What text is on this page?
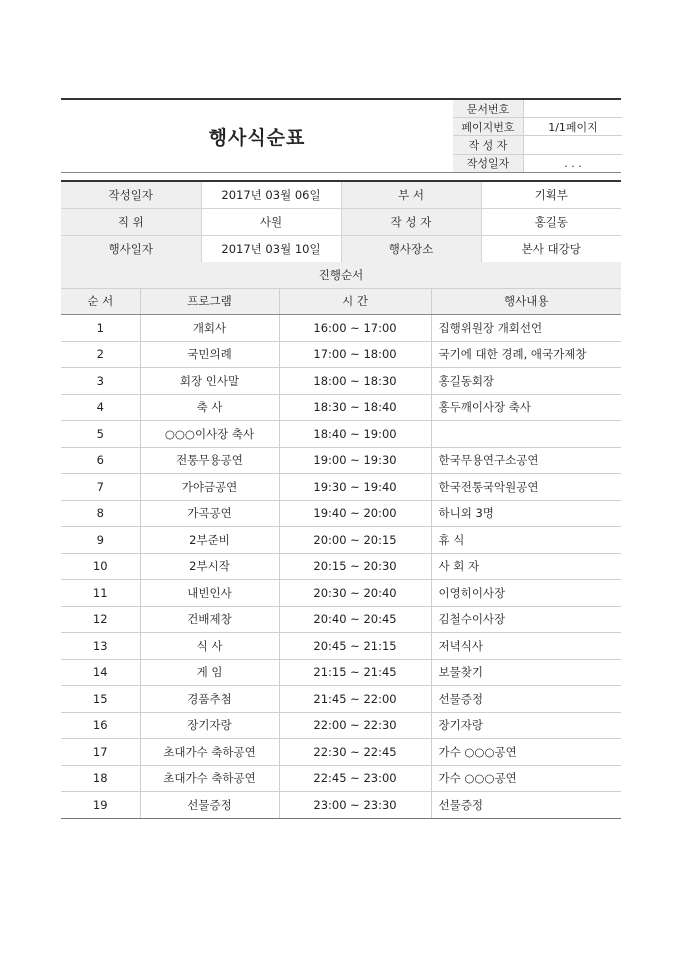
행사식순표
문서번호	
페이지번호	1/1페이지
작 성 자	
작성일자	. . .
작성일자	2017년 03월 06일	부 서	기획부
직 위	사원	작 성 자	홍길동
행사일자	2017년 03월 10일	행사장소	본사 대강당
진행순서			
순 서	프로그램	시 간	행사내용
1	개회사	16:00 ~ 17:00	집행위원장 개회선언
2	국민의례	17:00 ~ 18:00	국기에 대한 경례, 애국가제창
3	회장 인사말	18:00 ~ 18:30	홍길동회장
4	축 사	18:30 ~ 18:40	홍두깨이사장 축사
5	○○○이사장 축사	18:40 ~ 19:00	
6	전통무용공연	19:00 ~ 19:30	한국무용연구소공연
7	가야금공연	19:30 ~ 19:40	한국전통국악원공연
8	가곡공연	19:40 ~ 20:00	하니외 3명
9	2부준비	20:00 ~ 20:15	휴 식
10	2부시작	20:15 ~ 20:30	사 회 자
11	내빈인사	20:30 ~ 20:40	이영히이사장
12	건배제창	20:40 ~ 20:45	김철수이사장
13	식 사	20:45 ~ 21:15	저녁식사
14	게 임	21:15 ~ 21:45	보물찾기
15	경품추첨	21:45 ~ 22:00	선물증정
16	장기자랑	22:00 ~ 22:30	장기자랑
17	초대가수 축하공연	22:30 ~ 22:45	가수 ○○○공연
18	초대가수 축하공연	22:45 ~ 23:00	가수 ○○○공연
19	선물증정	23:00 ~ 23:30	선물증정
